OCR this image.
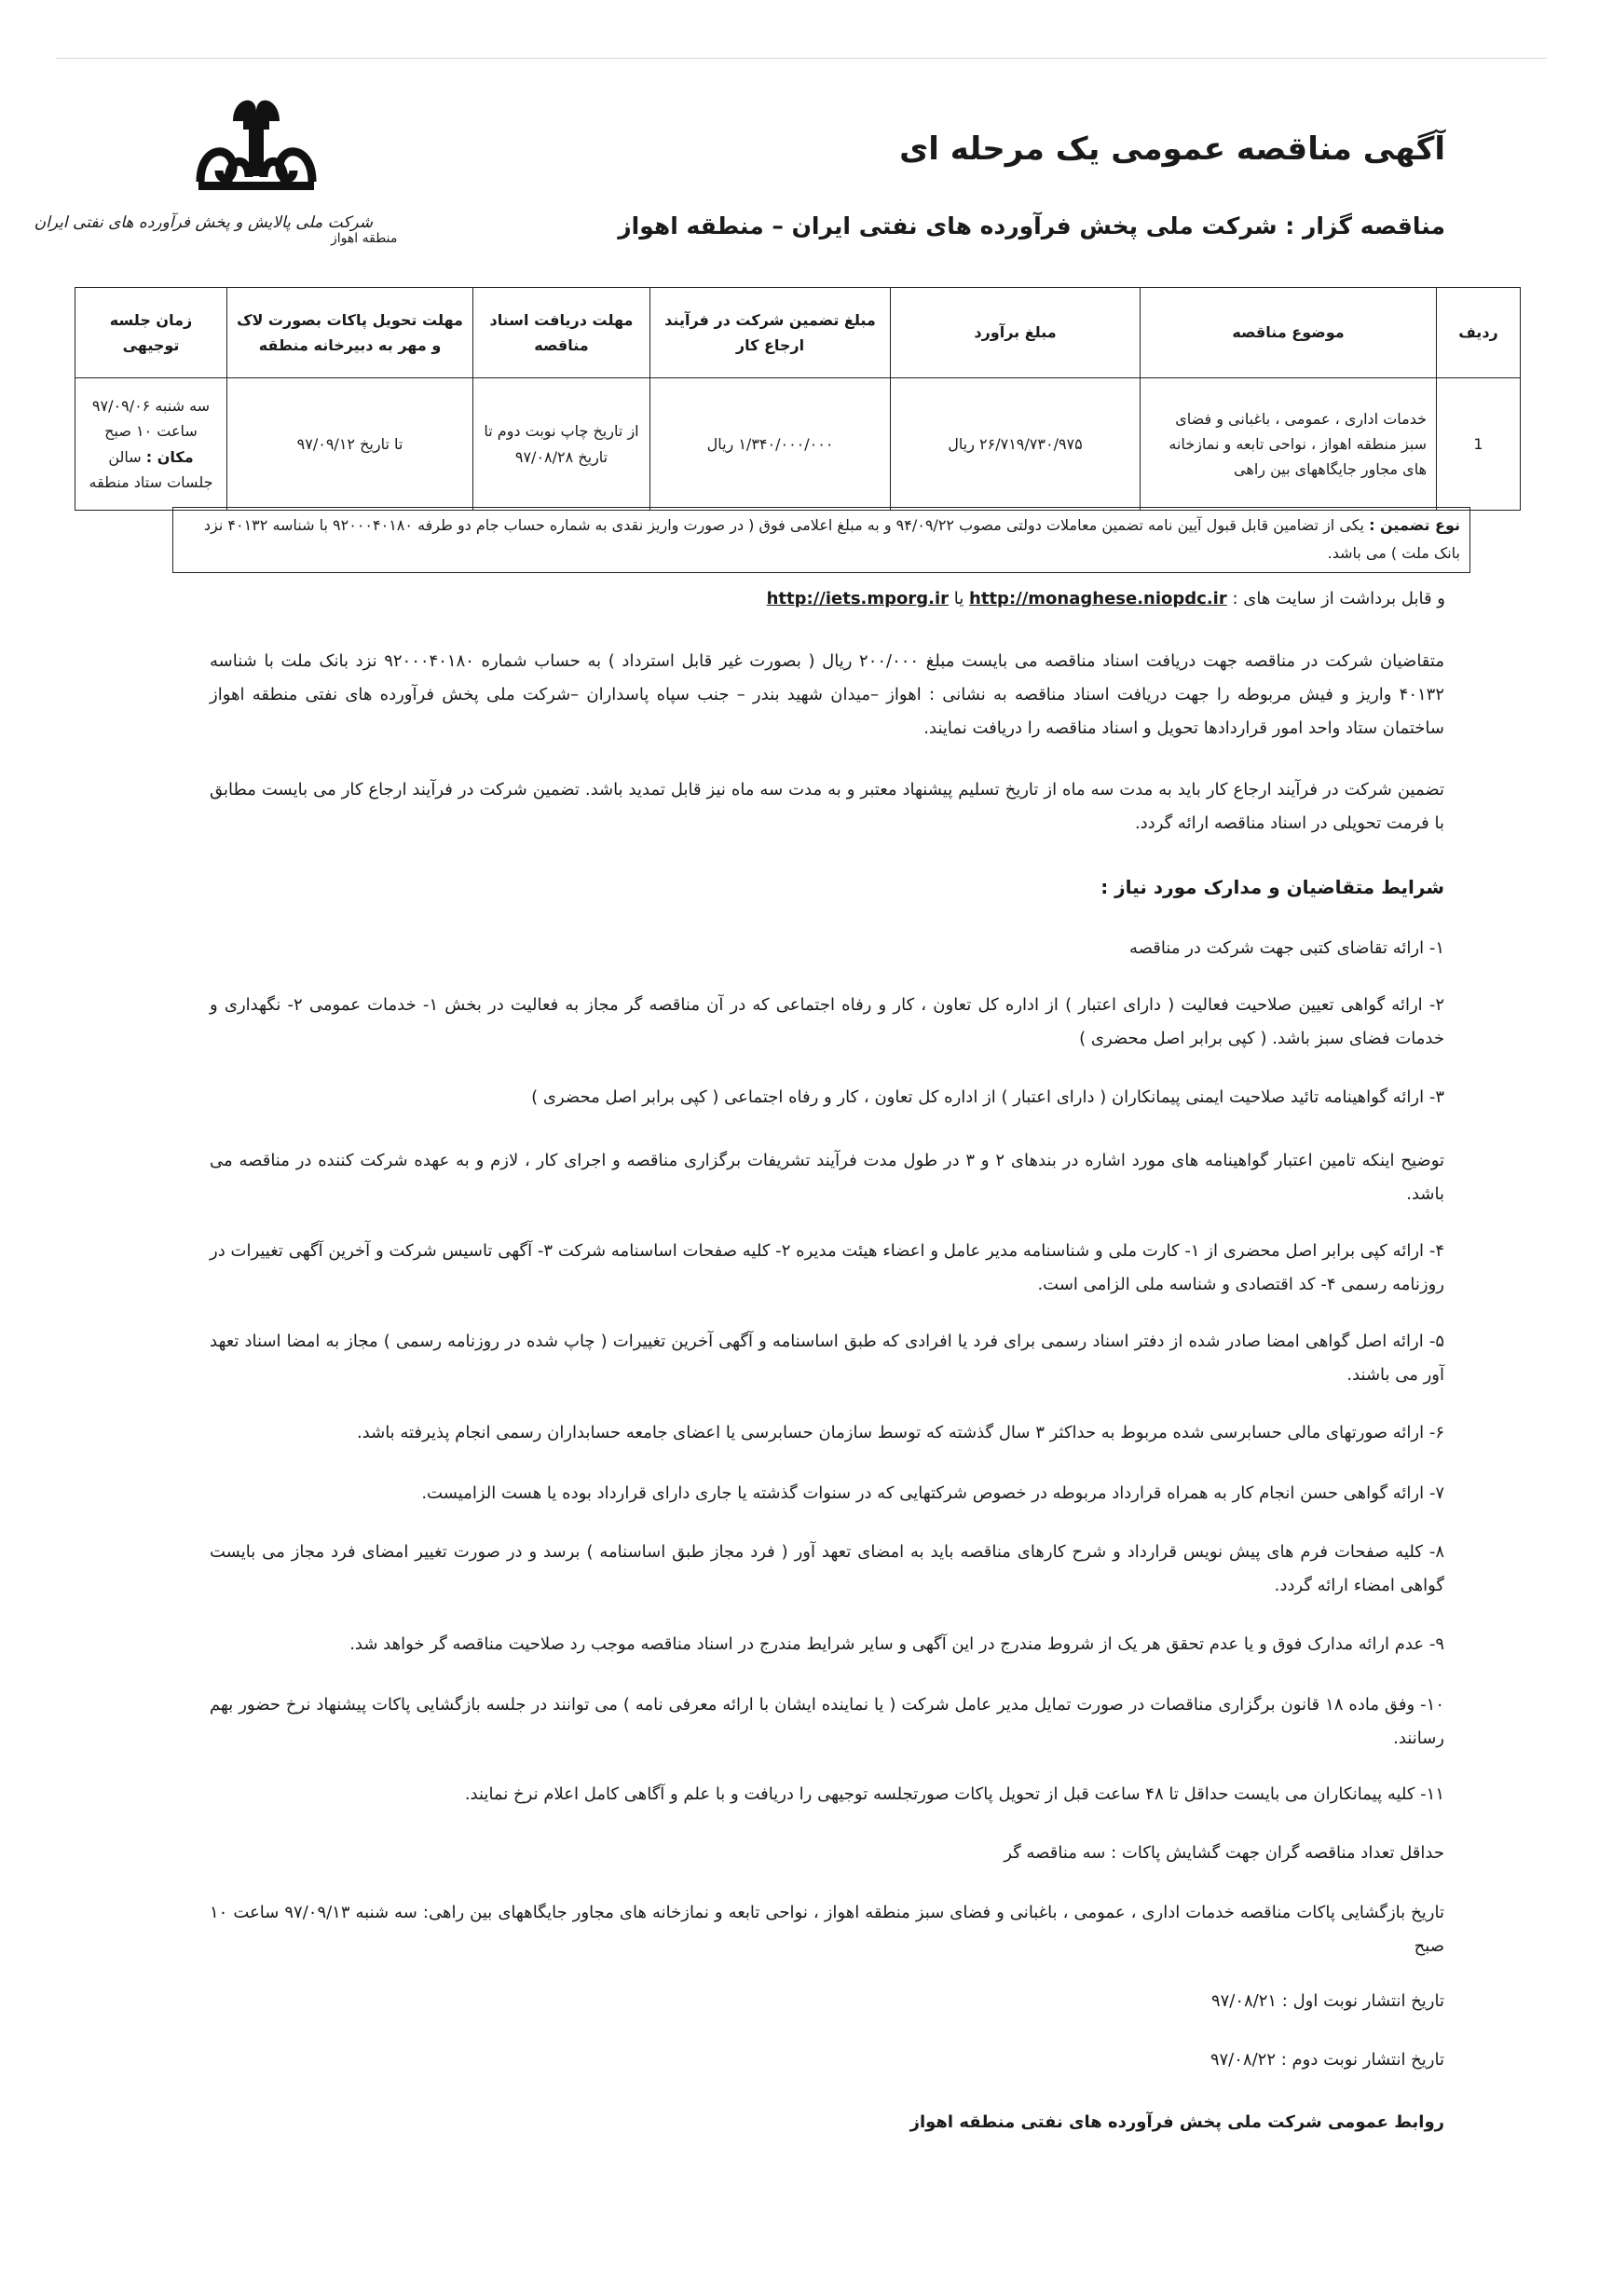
شرکت ملی پالایش و پخش فرآورده های نفتی ایران
منطقه اهواز
آگهی مناقصه عمومی یک مرحله ای
مناقصه گزار : شرکت ملی پخش فرآورده های نفتی ایران – منطقه اهواز
ردیف	موضوع مناقصه	مبلغ برآورد	مبلغ تضمین شرکت در فرآیند ارجاع کار	مهلت دریافت اسناد مناقصه	مهلت تحویل پاکات بصورت لاک و مهر به دبیرخانه منطقه	زمان جلسه توجیهی
1	خدمات اداری ، عمومی ، باغبانی و فضای سبز منطقه اهواز ، نواحی تابعه و نمازخانه های مجاور جایگاههای بین راهی	۲۶/۷۱۹/۷۳۰/۹۷۵ ریال	۱/۳۴۰/۰۰۰/۰۰۰ ریال	از تاریخ چاپ نوبت دوم تا تاریخ ۹۷/۰۸/۲۸	تا تاریخ ۹۷/۰۹/۱۲	سه شنبه ۹۷/۰۹/۰۶
ساعت ۱۰ صبح
مکان : سالن جلسات ستاد منطقه
نوع تضمین : یکی از تضامین قابل قبول آیین نامه تضمین معاملات دولتی مصوب ۹۴/۰۹/۲۲ و به مبلغ اعلامی فوق ( در صورت واریز نقدی به شماره حساب جام دو طرفه ۹۲۰۰۰۴۰۱۸۰ با شناسه ۴۰۱۳۲ نزد بانک ملت ) می باشد.
و قابل برداشت از سایت های : http://monaghese.niopdc.ir یا http://iets.mporg.ir
متقاضیان شرکت در مناقصه جهت دریافت اسناد مناقصه می بایست مبلغ ۲۰۰/۰۰۰ ریال ( بصورت غیر قابل استرداد ) به حساب شماره ۹۲۰۰۰۴۰۱۸۰ نزد بانک ملت با شناسه ۴۰۱۳۲ واریز و فیش مربوطه را جهت دریافت اسناد مناقصه به نشانی : اهواز –میدان شهید بندر – جنب سپاه پاسداران –شرکت ملی پخش فرآورده های نفتی منطقه اهواز ساختمان ستاد واحد امور قراردادها تحویل و اسناد مناقصه را دریافت نمایند.
تضمین شرکت در فرآیند ارجاع کار باید به مدت سه ماه از تاریخ تسلیم پیشنهاد معتبر و به مدت سه ماه نیز قابل تمدید باشد. تضمین شرکت در فرآیند ارجاع کار می بایست مطابق با فرمت تحویلی در اسناد مناقصه ارائه گردد.
شرایط متقاضیان و مدارک مورد نیاز :
۱- ارائه تقاضای کتبی جهت شرکت در مناقصه
۲- ارائه گواهی تعیین صلاحیت فعالیت ( دارای اعتبار ) از اداره کل تعاون ، کار و رفاه اجتماعی که در آن مناقصه گر مجاز به فعالیت در بخش ۱- خدمات عمومی ۲- نگهداری و خدمات فضای سبز باشد. ( کپی برابر اصل محضری )
۳- ارائه گواهینامه تائید صلاحیت ایمنی پیمانکاران ( دارای اعتبار ) از اداره کل تعاون ، کار و رفاه اجتماعی ( کپی برابر اصل محضری )
توضیح اینکه تامین اعتبار گواهینامه های مورد اشاره در بندهای ۲ و ۳ در طول مدت فرآیند تشریفات برگزاری مناقصه و اجرای کار ، لازم و به عهده شرکت کننده در مناقصه می باشد.
۴- ارائه کپی برابر اصل محضری از ۱- کارت ملی و شناسنامه مدیر عامل و اعضاء هیئت مدیره ۲- کلیه صفحات اساسنامه شرکت ۳- آگهی تاسیس شرکت و آخرین آگهی تغییرات در روزنامه رسمی ۴- کد اقتصادی و شناسه ملی الزامی است.
۵- ارائه اصل گواهی امضا صادر شده از دفتر اسناد رسمی برای فرد یا افرادی که طبق اساسنامه و آگهی آخرین تغییرات ( چاپ شده در روزنامه رسمی ) مجاز به امضا اسناد تعهد آور می باشند.
۶- ارائه صورتهای مالی حسابرسی شده مربوط به حداکثر ۳ سال گذشته که توسط سازمان حسابرسی یا اعضای جامعه حسابداران رسمی انجام پذیرفته باشد.
۷- ارائه گواهی حسن انجام کار به همراه قرارداد مربوطه در خصوص شرکتهایی که در سنوات گذشته یا جاری دارای قرارداد بوده یا هست الزامیست.
۸- کلیه صفحات فرم های پیش نویس قرارداد و شرح کارهای مناقصه باید به امضای تعهد آور ( فرد مجاز طبق اساسنامه ) برسد و در صورت تغییر امضای فرد مجاز می بایست گواهی امضاء ارائه گردد.
۹- عدم ارائه مدارک فوق و یا عدم تحقق هر یک از شروط مندرج در این آگهی و سایر شرایط مندرج در اسناد مناقصه موجب رد صلاحیت مناقصه گر خواهد شد.
۱۰- وفق ماده ۱۸ قانون برگزاری مناقصات در صورت تمایل مدیر عامل شرکت ( یا نماینده ایشان با ارائه معرفی نامه ) می توانند در جلسه بازگشایی پاکات پیشنهاد نرخ حضور بهم رسانند.
۱۱- کلیه پیمانکاران می بایست حداقل تا ۴۸ ساعت قبل از تحویل پاکات صورتجلسه توجیهی را دریافت و با علم و آگاهی کامل اعلام نرخ نمایند.
حداقل تعداد مناقصه گران جهت گشایش پاکات : سه مناقصه گر
تاریخ بازگشایی پاکات مناقصه خدمات اداری ، عمومی ، باغبانی و فضای سبز منطقه اهواز ، نواحی تابعه و نمازخانه های مجاور جایگاههای بین راهی: سه شنبه ۹۷/۰۹/۱۳ ساعت ۱۰ صبح
تاریخ انتشار نوبت اول : ۹۷/۰۸/۲۱
تاریخ انتشار نوبت دوم : ۹۷/۰۸/۲۲
روابط عمومی شرکت ملی پخش فرآورده های نفتی منطقه اهواز
